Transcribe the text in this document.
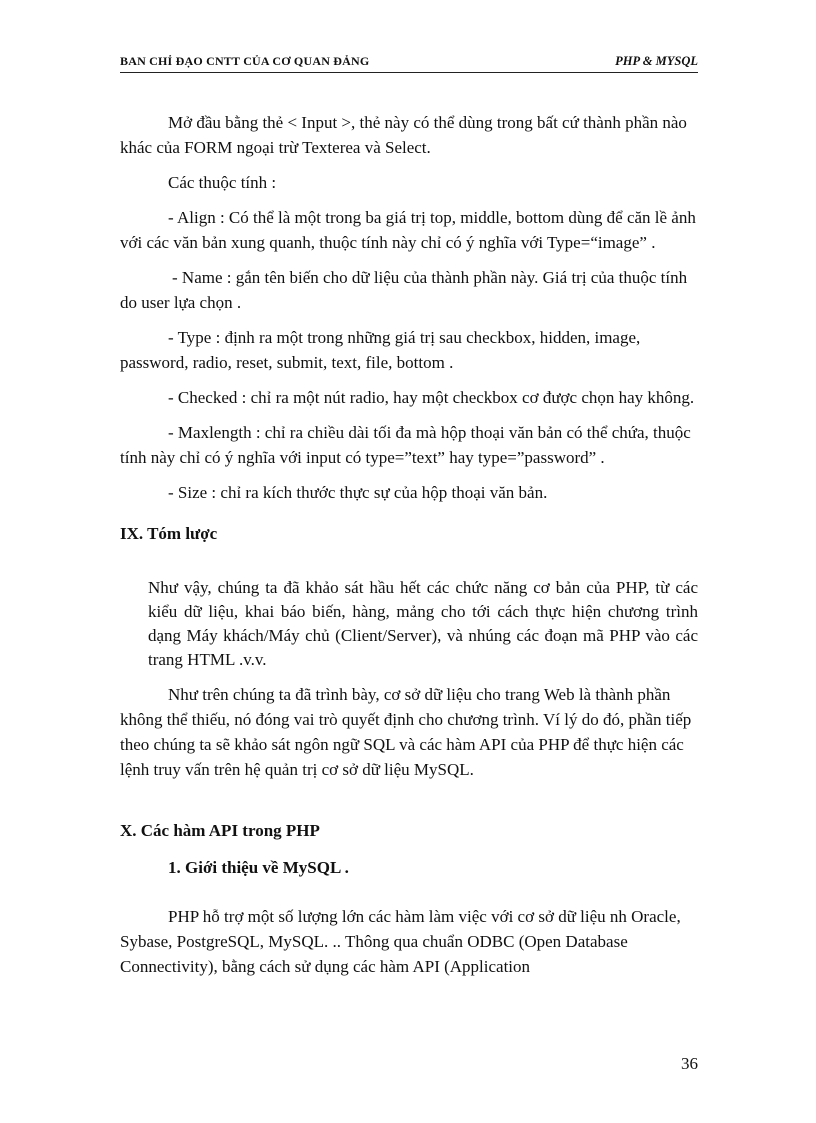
BAN CHỈ ĐẠO CNTT CỦA CƠ QUAN ĐẢNG	PHP & MYSQL

Mở đầu bằng thẻ < Input >, thẻ này có thể dùng trong bất cứ thành phần nào khác của FORM ngoại trừ Texterea và Select.

Các thuộc tính :

- Align : Có thể là một trong ba giá trị top, middle, bottom dùng để căn lề ảnh với các văn bản xung quanh, thuộc tính này chỉ có ý nghĩa với Type=“image” .

- Name : gắn tên biến cho dữ liệu của thành phần này. Giá trị của thuộc tính do user lựa chọn .

- Type : định ra một trong những giá trị sau checkbox, hidden, image, password, radio, reset, submit, text, file, bottom .

- Checked : chỉ ra một nút radio, hay một checkbox cơ được chọn hay không.

- Maxlength : chỉ ra chiều dài tối đa mà hộp thoại văn bản có thể chứa, thuộc tính này chỉ có ý nghĩa với input có type=”text” hay type=”password” .

- Size : chỉ ra kích thước thực sự của hộp thoại văn bản.

IX. Tóm lược

Như vậy, chúng ta đã khảo sát hầu hết các chức năng cơ bản của PHP, từ các kiểu dữ liệu, khai báo biến, hàng, mảng cho tới cách thực hiện chương trình dạng Máy khách/Máy chủ (Client/Server), và nhúng các đoạn mã PHP vào các trang HTML .v.v.

Như trên chúng ta đã trình bày, cơ sở dữ liệu cho trang Web là thành phần không thể thiếu, nó đóng vai trò quyết định cho chương trình. Ví lý do đó, phần tiếp theo chúng ta sẽ khảo sát ngôn ngữ SQL và các hàm API của PHP để thực hiện các lệnh truy vấn trên hệ quản trị cơ sở dữ liệu MySQL.

X. Các hàm API trong PHP

1. Giới thiệu về MySQL .

PHP hỗ trợ một số lượng lớn các hàm làm việc với cơ sở dữ liệu nh Oracle, Sybase, PostgreSQL, MySQL. .. Thông qua chuẩn ODBC (Open Database Connectivity), bằng cách sử dụng các hàm API (Application

36
